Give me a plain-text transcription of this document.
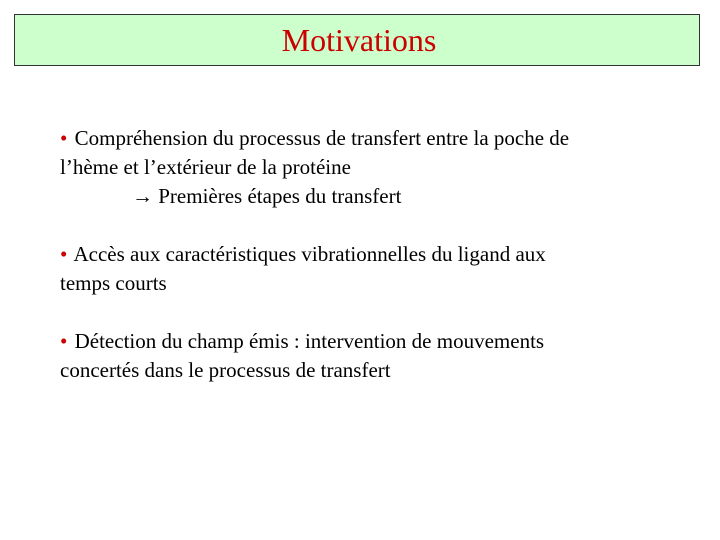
Motivations

• Compréhension du processus de transfert entre la poche de
l’hème et l’extérieur de la protéine
→ Premières étapes du transfert

• Accès aux caractéristiques vibrationnelles du ligand aux
temps courts

• Détection du champ émis : intervention de mouvements
concertés dans le processus de transfert
